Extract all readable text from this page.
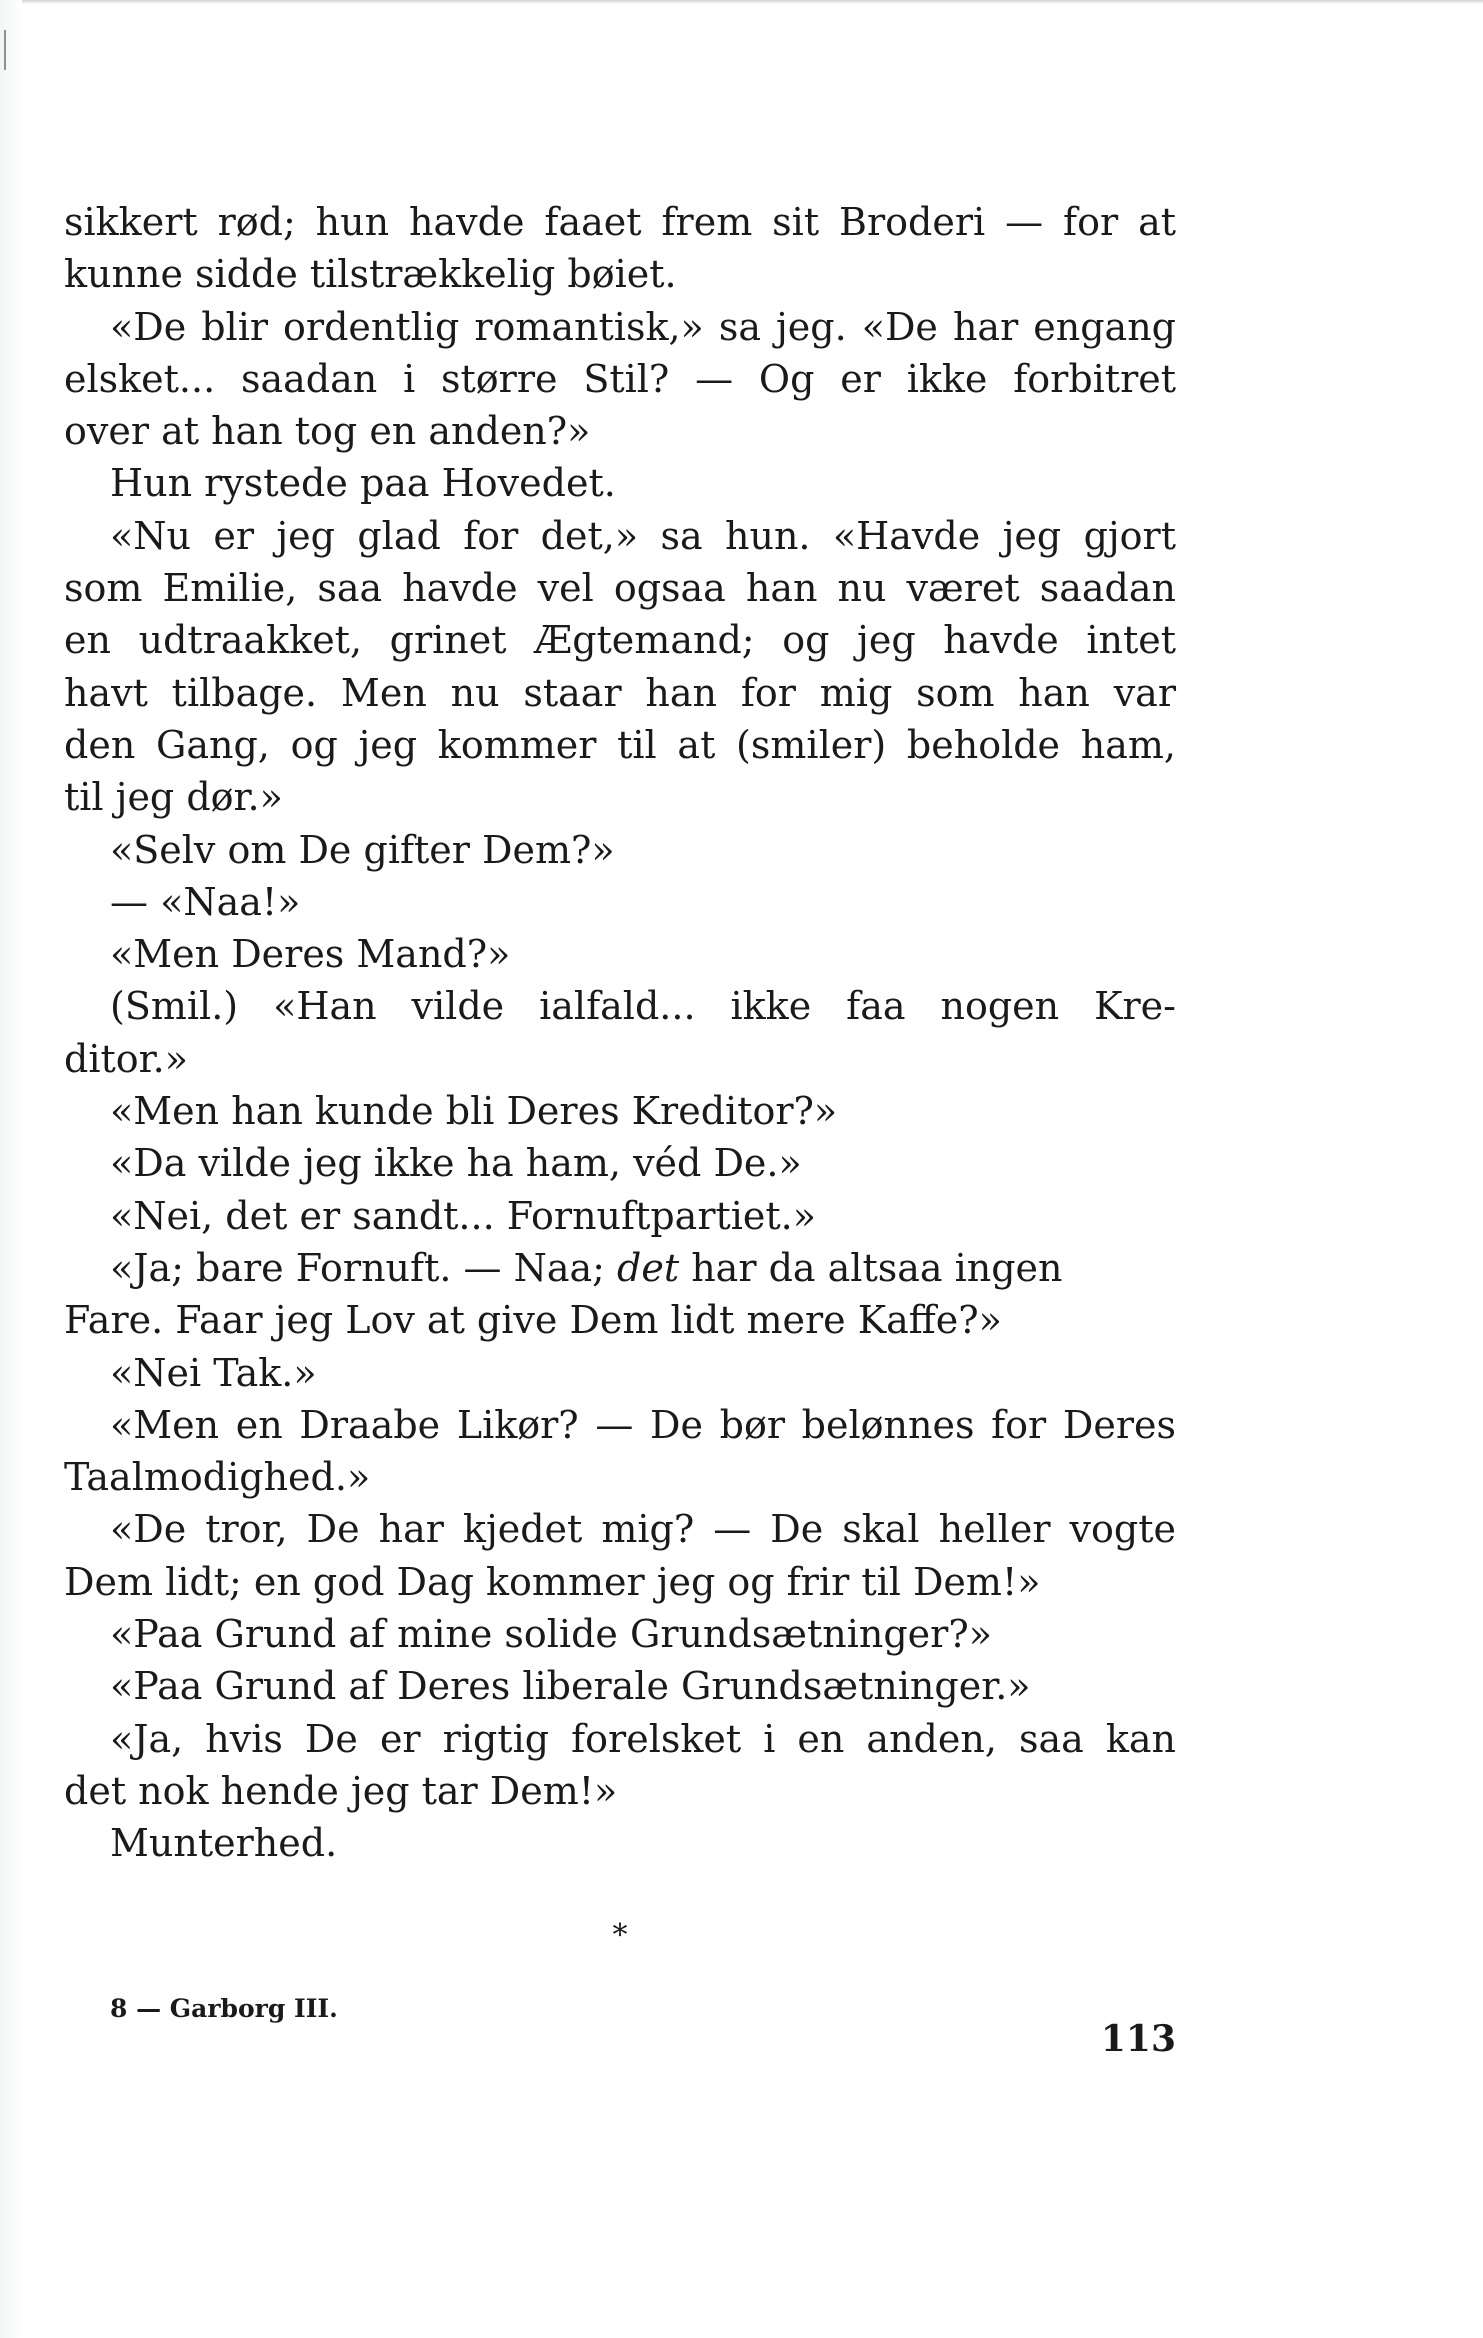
sikkert rød; hun havde faaet frem sit Broderi — for at
kunne sidde tilstrækkelig bøiet.
«De blir ordentlig romantisk,» sa jeg. «De har engang
elsket... saadan i større Stil? — Og er ikke forbitret
over at han tog en anden?»
Hun rystede paa Hovedet.
«Nu er jeg glad for det,» sa hun. «Havde jeg gjort
som Emilie, saa havde vel ogsaa han nu været saadan
en udtraakket, grinet Ægtemand; og jeg havde intet
havt tilbage. Men nu staar han for mig som han var
den Gang, og jeg kommer til at (smiler) beholde ham,
til jeg dør.»
«Selv om De gifter Dem?»
— «Naa!»
«Men Deres Mand?»
(Smil.) «Han vilde ialfald... ikke faa nogen Kre-
ditor.»
«Men han kunde bli Deres Kreditor?»
«Da vilde jeg ikke ha ham, véd De.»
«Nei, det er sandt... Fornuftpartiet.»
«Ja; bare Fornuft. — Naa; det har da altsaa ingen
Fare. Faar jeg Lov at give Dem lidt mere Kaffe?»
«Nei Tak.»
«Men en Draabe Likør? — De bør belønnes for Deres
Taalmodighed.»
«De tror, De har kjedet mig? — De skal heller vogte
Dem lidt; en god Dag kommer jeg og frir til Dem!»
«Paa Grund af mine solide Grundsætninger?»
«Paa Grund af Deres liberale Grundsætninger.»
«Ja, hvis De er rigtig forelsket i en anden, saa kan
det nok hende jeg tar Dem!»
Munterhed.
*
8 — Garborg III.
113
